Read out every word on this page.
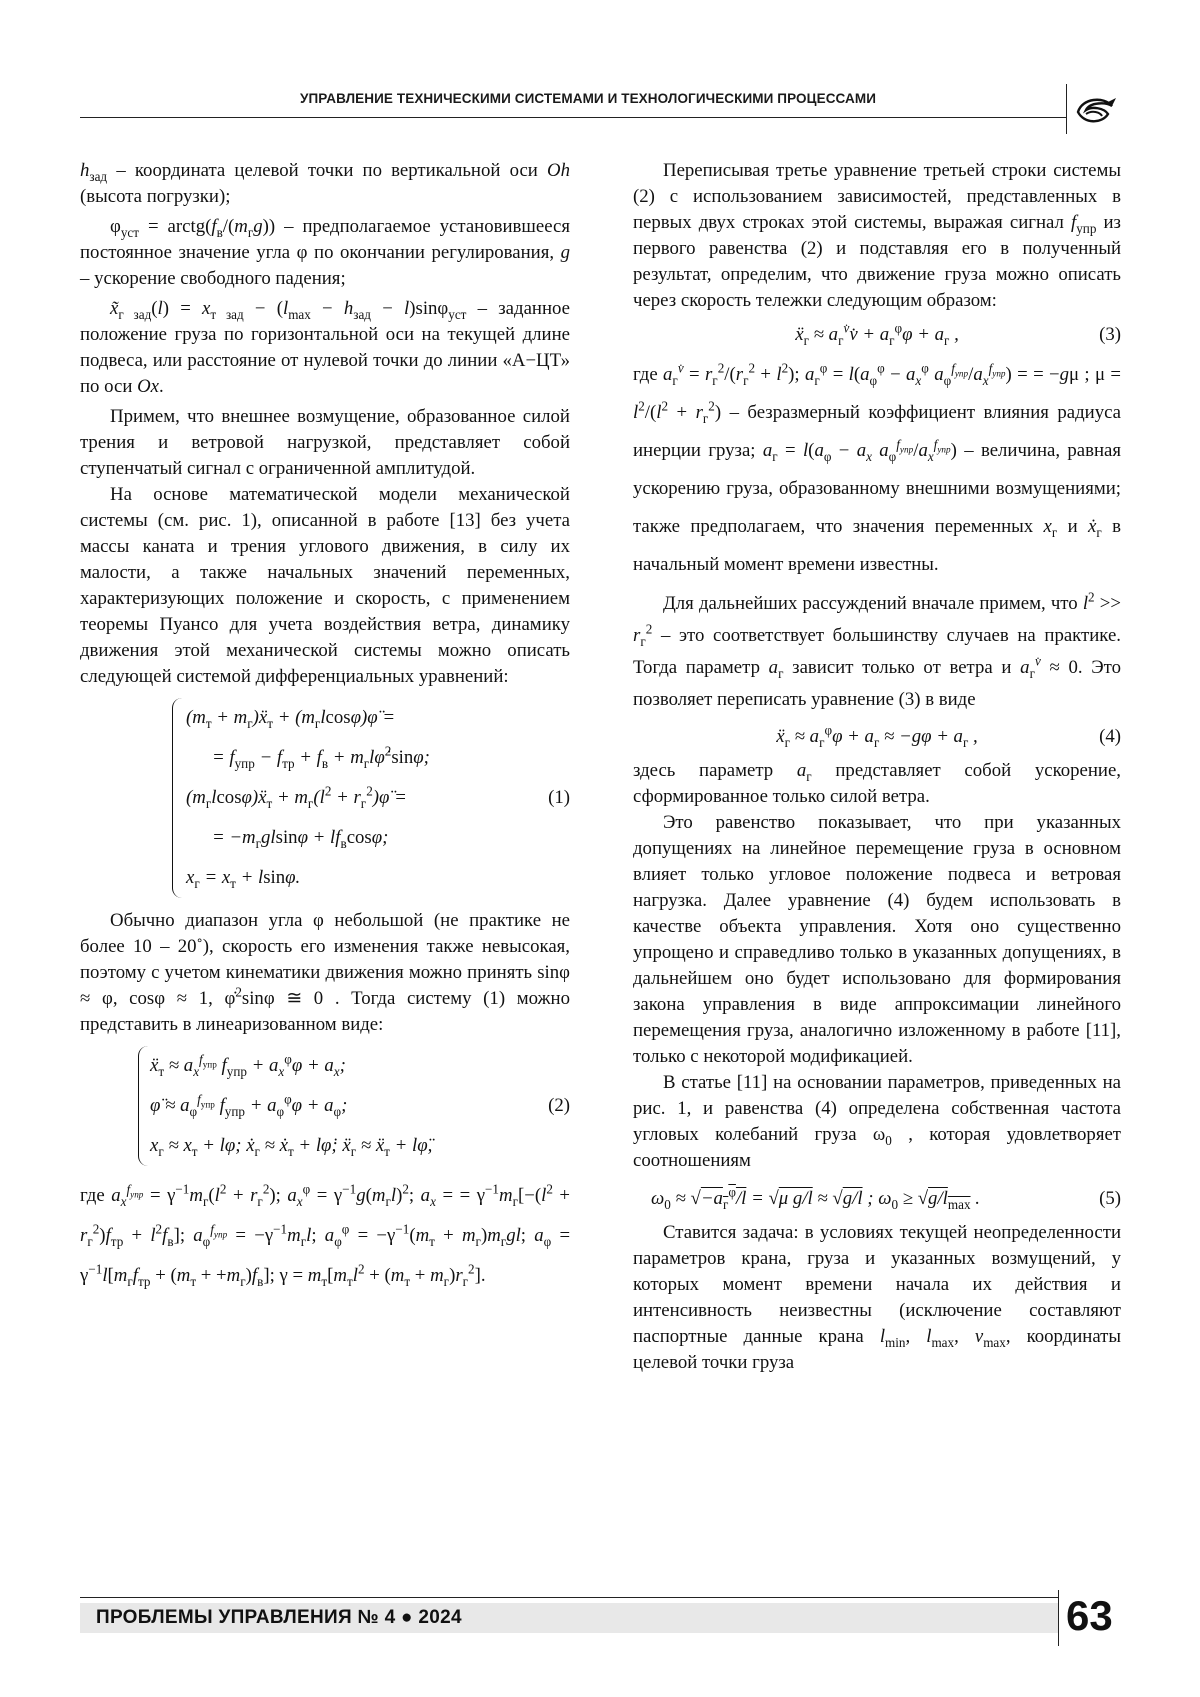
УПРАВЛЕНИЕ ТЕХНИЧЕСКИМИ СИСТЕМАМИ И ТЕХНОЛОГИЧЕСКИМИ ПРОЦЕССАМИ

$h_{зад}$ – координата целевой точки по вертикальной оси Oh (высота погрузки);

$\varphi_{уст}$ = $arctg(f_в/(m_гg))$ – предполагаемое установившееся постоянное значение угла φ по окончании регулирования, g – ускорение свободного падения;

$x̃_{г зад}(l) = x_{т зад} - (l_{max} - h_{зад} - l)\sin\varphi_{уст}$ – заданное положение груза по горизонтальной оси на текущей длине подвеса, или расстояние от нулевой точки до линии «А−ЦТ» по оси Ox.

Примем, что внешнее возмущение, образованное силой трения и ветровой нагрузкой, представляет собой ступенчатый сигнал с ограниченной амплитудой.

На основе математической модели механической системы (см. рис. 1), описанной в работе [13] без учета массы каната и трения углового движения, в силу их малости, а также начальных значений переменных, характеризующих положение и скорость, с применением теоремы Пуансо для учета воздействия ветра, динамику движения этой механической системы можно описать следующей системой дифференциальных уравнений:

($m_т$ + $m_г)ẍ_т$ + $(m_гlcos\varphi)\varphï$ =
= $f_{упр} - f_{тр} + f_в$ + $m_гl\varphi̇^2\sin\varphi$;
$(m_гlcos\varphi)ẍ_т + m_г(l^2$ + $r_г^2)\varphï$ =
= $-m_гglsin\varphi + lf_в\cos\varphi$;
$x_г = x_т + lsin\varphi$.
(1)

Обычно диапазон угла φ небольшой (не практике не более 10 – 20˚), скорость его изменения также невысокая, поэтому с учетом кинематики движения можно принять sinφ ≈ φ, cosφ ≈ 1, φ̇$^2$sinφ ≅ 0 . Тогда систему (1) можно представить в линеаризованном виде:

ẍ$_т$ ≈ $a_x^{f_{упр}}$ $f_{упр} + a_x^\varphi\varphi + a_x$;
φ̈ ≈ $a_\varphi^{f_{упр}}$ $f_{упр} + a_\varphi^\varphi\varphi + a_\varphi$;
$x_г \approx x_т + l\varphi$; ẋ$_г$ ≈ ẋ$_т$ + lφ̇; ẍ$_г$ ≈ ẍ$_т$ + lφ̈,
(2)

где $a_x^{f_{упр}} = \gamma^{-1}m_г(l^2 + r_г^2)$; $a_x^\varphi = \gamma^{-1}g(m_гl)^2$; $a_x$ = = $\gamma^{-1}m_г[-(l^2 + r_г^2)f_{тр} + l^2f_в]$; $a_\varphi^{f_{упр}} = -\gamma^{-1}m_гl$; $a_\varphi^\varphi = -\gamma^{-1}(m_т + m_г)m_гgl$; $a_\varphi = \gamma^{-1}l[m_гf_{тр} + (m_т + +m_г)f_в]$; $\gamma = m_т[m_тl^2 + (m_т + m_г)r_г^2]$.

Переписывая третье уравнение третьей строки системы (2) с использованием зависимостей, представленных в первых двух строках этой системы, выражая сигнал $f_{упр}$ из первого равенства (2) и подставляя его в полученный результат, определим, что движение груза можно описать через скорость тележки следующим образом:

ẍ$_г$ ≈ $a_г^{v̇}v̇ + a_г^\varphi\varphi + a_г$ ,	(3)

где $a_г^{v̇} = r_г^2/(r_г^2 + l^2)$; $a_г^\varphi = l(a_\varphi^\varphi - a_x^\varphi$ $a_\varphi^{f_{упр}}/a_x^{f_{упр}}$) = = −gμ ; $\mu = l^2/(l^2 + r_г^2)$ – безразмерный коэффициент влияния радиуса инерции груза; $a_г = l(a_\varphi - a_x$ $a_\varphi^{f_{упр}}/a_x^{f_{упр}}$) – величина, равная ускорению груза, образованному внешними возмущениями; также предполагаем, что значения переменных $x_г$ и ẋ$_г$ в начальный момент времени известны.

Для дальнейших рассуждений вначале примем, что $l^2 >> r_г^2$ – это соответствует большинству случаев на практике. Тогда параметр $a_г$ зависит только от ветра и $a_г^{v̇} \approx 0$. Это позволяет переписать уравнение (3) в виде

ẍ$_г$ ≈ $a_г^\varphi\varphi + a_г \approx -g\varphi + a_г$ ,	(4)

здесь параметр $a_г$ представляет собой ускорение, сформированное только силой ветра.

Это равенство показывает, что при указанных допущениях на линейное перемещение груза в основном влияет только угловое положение подвеса и ветровая нагрузка. Далее уравнение (4) будем использовать в качестве объекта управления. Хотя оно существенно упрощено и справедливо только в указанных допущениях, в дальнейшем оно будет использовано для формирования закона управления в виде аппроксимации линейного перемещения груза, аналогично изложенному в работе [11], только с некоторой модификацией.

В статье [11] на основании параметров, приведенных на рис. 1, и равенства (4) определена собственная частота угловых колебаний груза $\omega_0$ , которая удовлетворяет соотношениям

$\omega_0 \approx √-a_г^\varphi/l = √\mu$ g/l ≈ √g/l ; $\omega_0 \ge √g/l_{max}$ .	(5)

Ставится задача: в условиях текущей неопределенности параметров крана, груза и указанных возмущений, у которых момент времени начала их действия и интенсивность неизвестны (исключение составляют паспортные данные крана $l_{min}$, $l_{max}$, $v_{max}$, координаты целевой точки груза

ПРОБЛЕМЫ УПРАВЛЕНИЯ № 4 ● 2024	63
